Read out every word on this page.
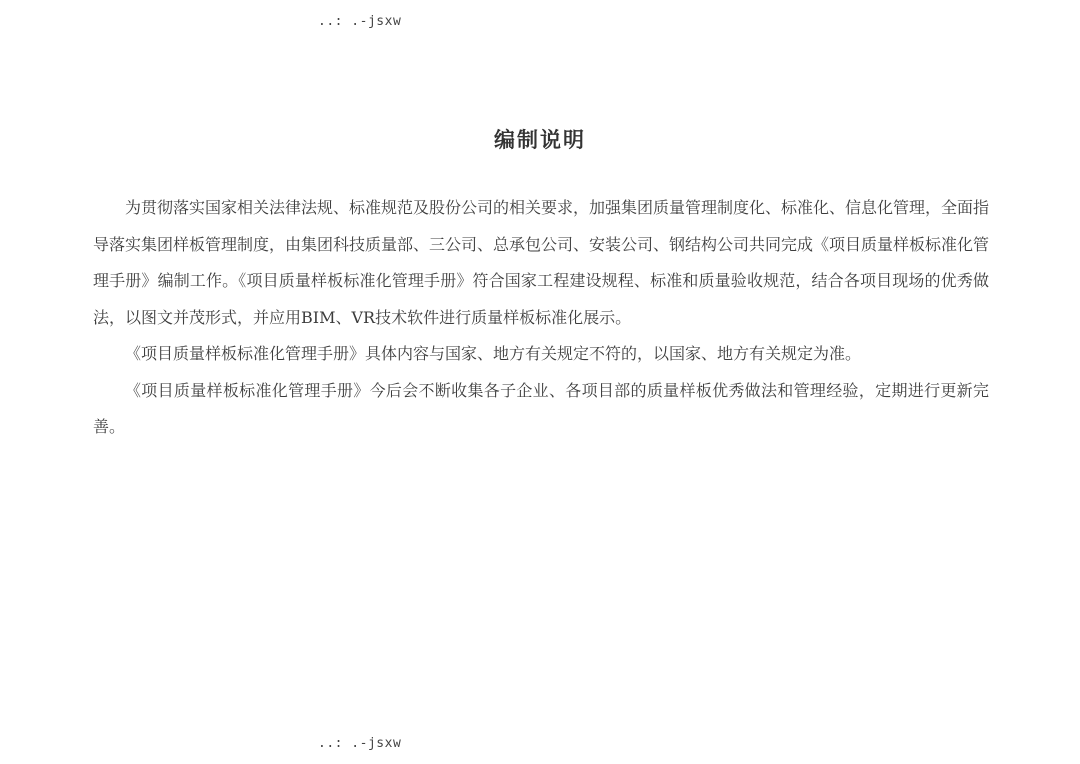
..: .-jsxw
编制说明

为贯彻落实国家相关法律法规、标准规范及股份公司的相关要求，加强集团质量管理制度化、标准化、信息化管理，全面指导落实集团样板管理制度，由集团科技质量部、三公司、总承包公司、安装公司、钢结构公司共同完成《项目质量样板标准化管理手册》编制工作。《项目质量样板标准化管理手册》符合国家工程建设规程、标准和质量验收规范，结合各项目现场的优秀做法，以图文并茂形式，并应用BIM、VR技术软件进行质量样板标准化展示。

《项目质量样板标准化管理手册》具体内容与国家、地方有关规定不符的，以国家、地方有关规定为准。

《项目质量样板标准化管理手册》今后会不断收集各子企业、各项目部的质量样板优秀做法和管理经验，定期进行更新完善。

..: .-jsxw
